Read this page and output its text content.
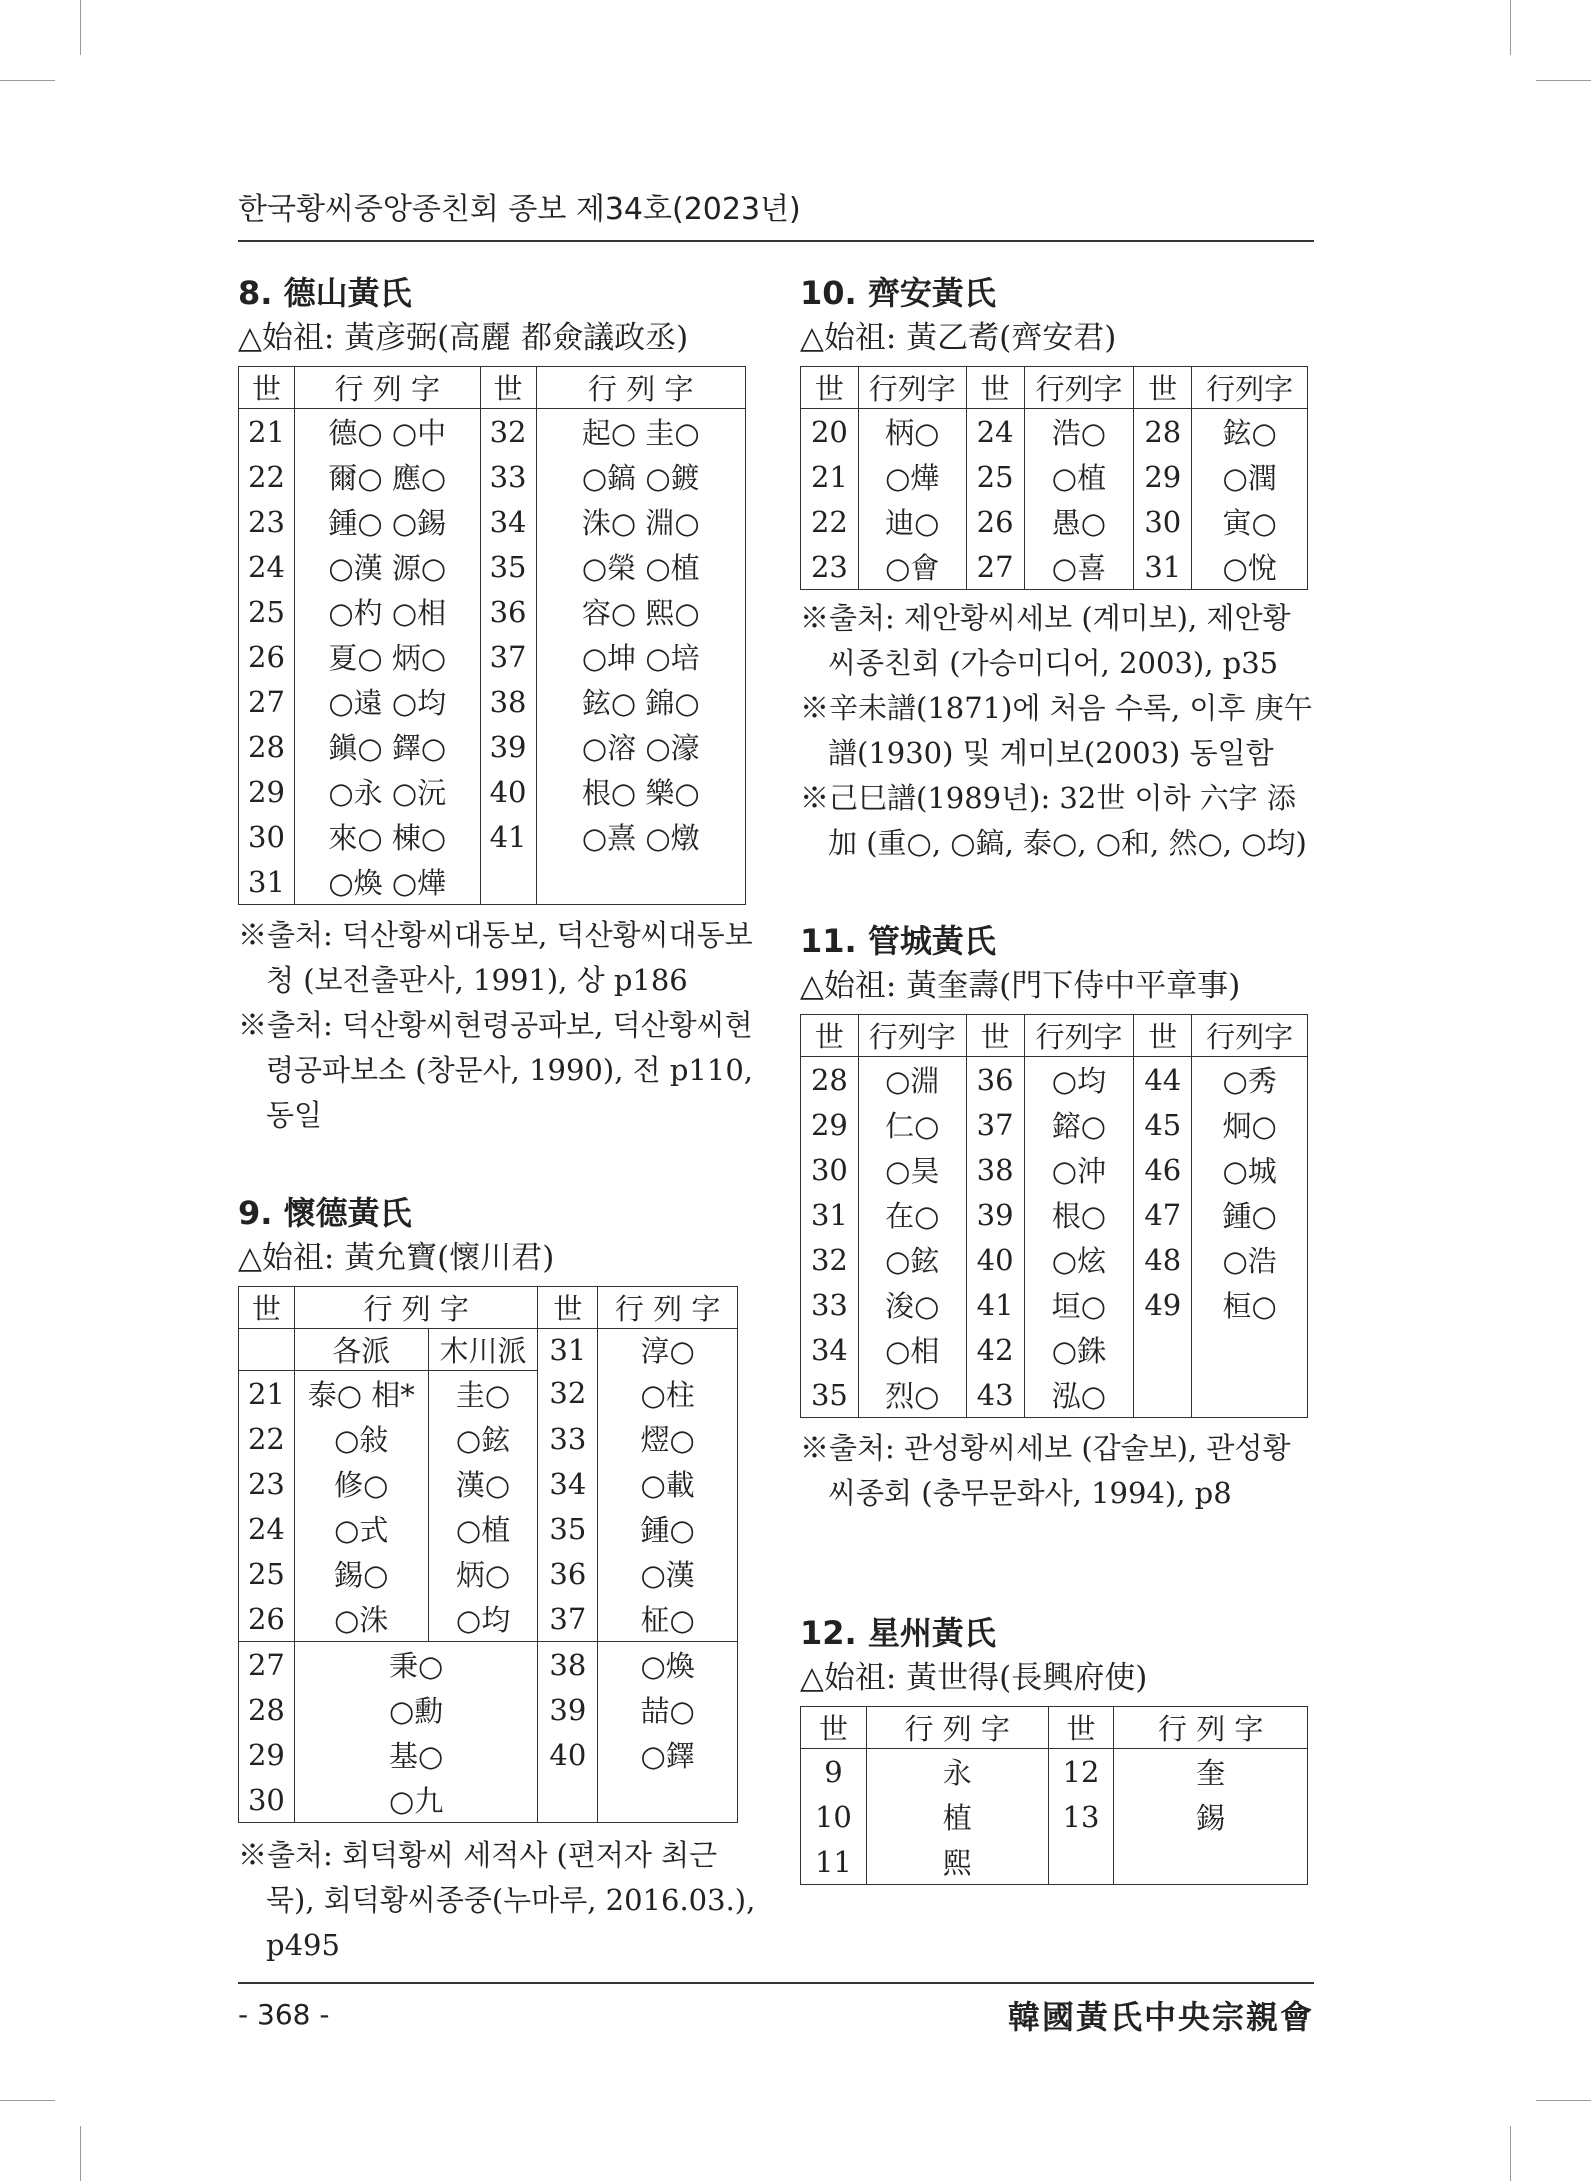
한국황씨중앙종친회 종보 제34호(2023년)
8. 德山黃氏

△始祖: 黃彦弼(高麗 都僉議政丞)

世	行 列 字	世	行 列 字
21	德○ ○中	32	起○ 圭○
22	爾○ 應○	33	○鎬 ○鍍
23	鍾○ ○錫	34	洙○ 淵○
24	○漢 源○	35	○榮 ○植
25	○杓 ○相	36	容○ 熙○
26	夏○ 炳○	37	○坤 ○培
27	○遠 ○均	38	鉉○ 錦○
28	鎭○ 鐸○	39	○溶 ○濠
29	○永 ○沅	40	根○ 樂○
30	來○ 棟○	41	○熹 ○燉
31	○煥 ○燁		

※출처: 덕산황씨대동보, 덕산황씨대동보청 (보전출판사, 1991), 상 p186

※출처: 덕산황씨현령공파보, 덕산황씨현령공파보소 (창문사, 1990), 전 p110, 동일

9. 懷德黃氏

△始祖: 黃允寶(懷川君)

世	行 列 字		世	行 列 字
	各派	木川派	31	淳○
21	泰○ 相*	圭○	32	○柱
22	○敍	○鉉	33	熤○
23	修○	漢○	34	○載
24	○式	○植	35	鍾○
25	錫○	炳○	36	○漢
26	○洙	○均	37	柾○
27	秉○		38	○煥
28	○勳		39	喆○
29	基○		40	○鐸
30	○九			

※출처: 회덕황씨 세적사 (편저자 최근묵), 회덕황씨종중(누마루, 2016.03.), p495

10. 齊安黃氏

△始祖: 黃乙耉(齊安君)

世	行列字	世	行列字	世	行列字
20	柄○	24	浩○	28	鉉○
21	○燁	25	○植	29	○潤
22	迪○	26	愚○	30	寅○
23	○會	27	○喜	31	○悅

※출처: 제안황씨세보 (계미보), 제안황씨종친회 (가승미디어, 2003), p35

※辛未譜(1871)에 처음 수록, 이후 庚午譜(1930) 및 계미보(2003) 동일함

※己巳譜(1989년): 32世 이하 六字 添加 (重○, ○鎬, 泰○, ○和, 然○, ○均)

11. 管城黃氏

△始祖: 黃奎壽(門下侍中平章事)

世	行列字	世	行列字	世	行列字
28	○淵	36	○均	44	○秀
29	仁○	37	鎔○	45	炯○
30	○昊	38	○沖	46	○城
31	在○	39	根○	47	鍾○
32	○鉉	40	○炫	48	○浩
33	浚○	41	垣○	49	桓○
34	○相	42	○銖		
35	烈○	43	泓○		

※출처: 관성황씨세보 (갑술보), 관성황씨종회 (충무문화사, 1994), p8

12. 星州黃氏

△始祖: 黃世得(長興府使)

世	行 列 字	世	行 列 字
9	永	12	奎
10	植	13	錫
11	熙		
- 368 -	韓國黃氏中央宗親會
